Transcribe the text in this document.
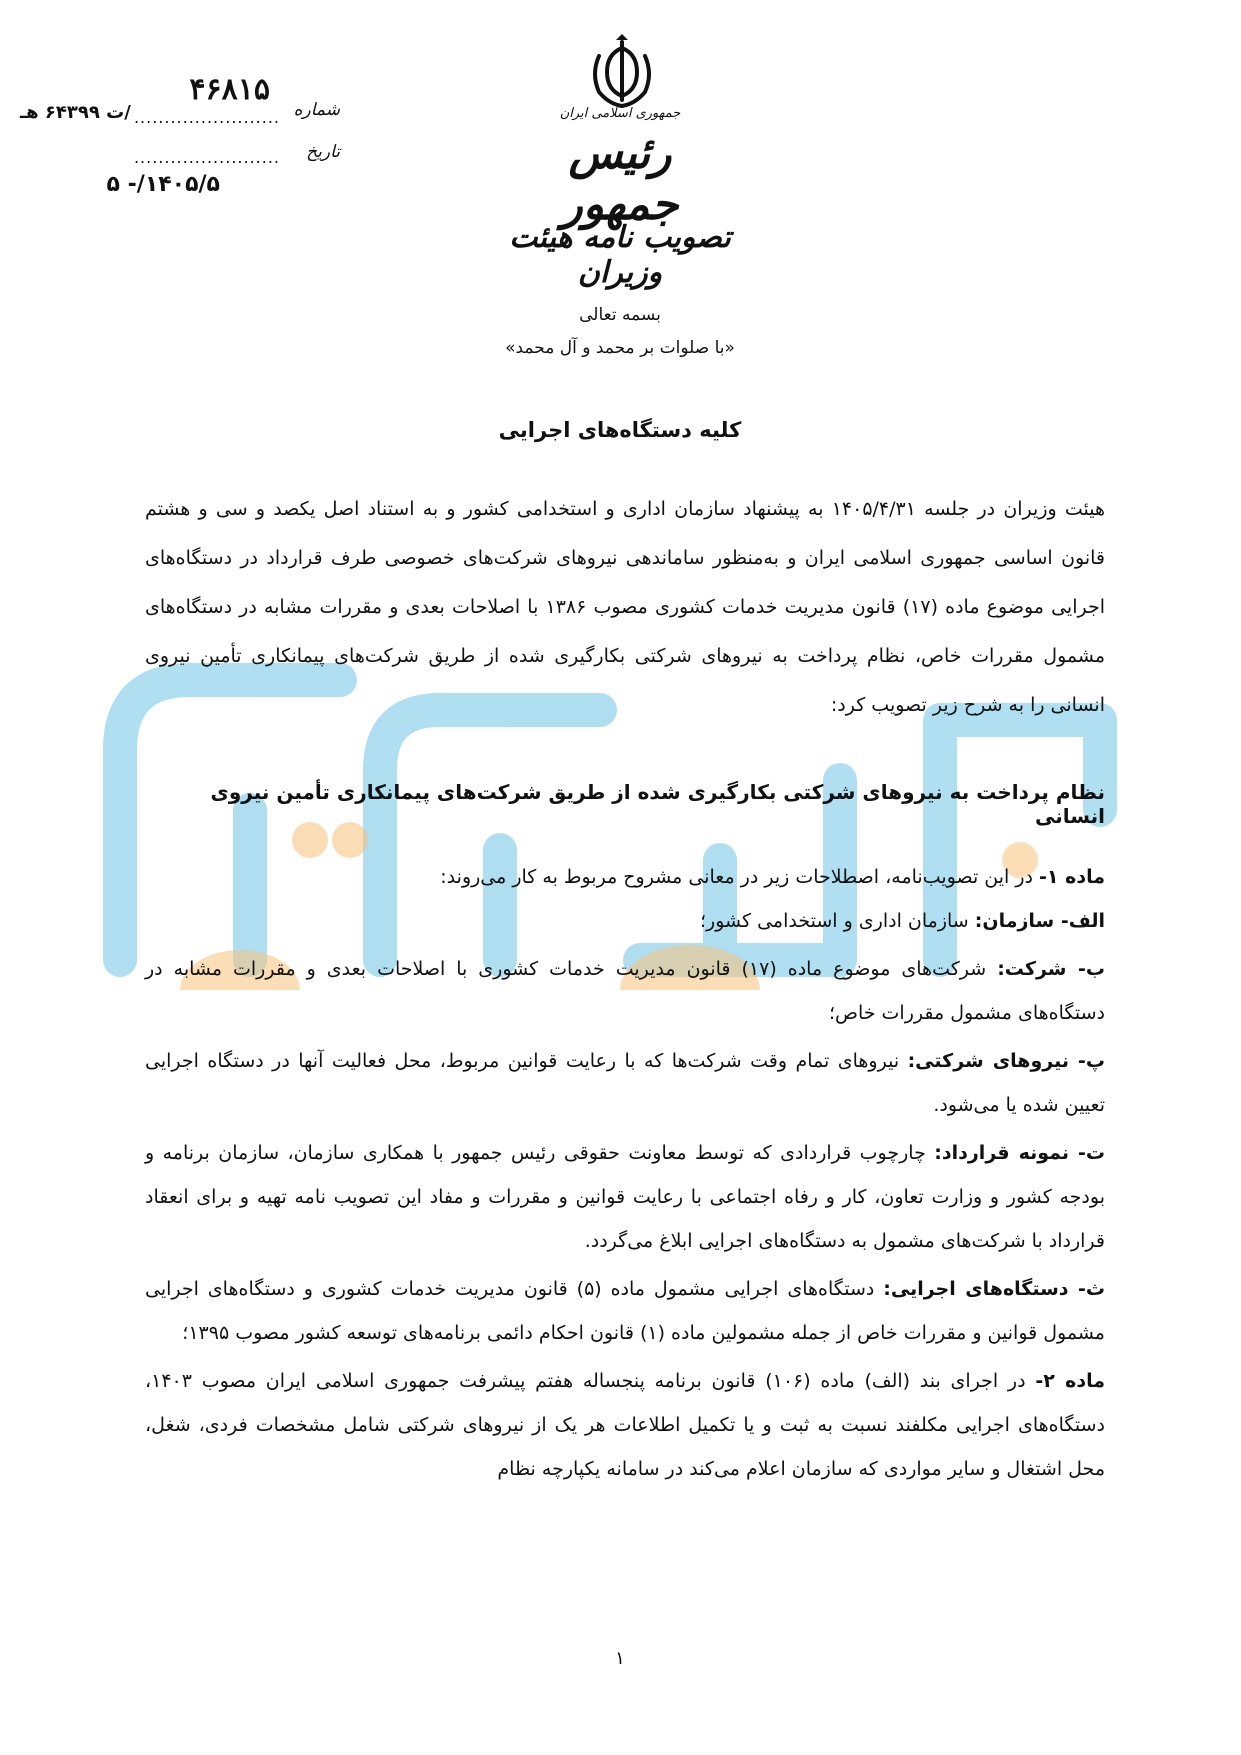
شماره
۴۶۸۱۵
........................
/ت ۶۴۳۹۹ هـ
تاریخ
........................
۱۴۰۵/۵/- ۵
جمهوری اسلامی ایران
رئیس جمهور
تصویب نامه هیئت وزیران
بسمه تعالی
«با صلوات بر محمد و آل محمد»
کلیه دستگاه‌های اجرایی

هیئت وزیران در جلسه ۱۴۰۵/۴/۳۱ به پیشنهاد سازمان اداری و استخدامی کشور و به استناد اصل یکصد و سی و هشتم قانون اساسی جمهوری اسلامی ایران و به‌منظور ساماندهی نیروهای شرکت‌های خصوصی طرف قرارداد در دستگاه‌های اجرایی موضوع ماده (۱۷) قانون مدیریت خدمات کشوری مصوب ۱۳۸۶ با اصلاحات بعدی و مقررات مشابه در دستگاه‌های مشمول مقررات خاص، نظام پرداخت به نیروهای شرکتی بکارگیری شده از طریق شرکت‌های پیمانکاری تأمین نیروی انسانی را به شرح زیر تصویب کرد:

نظام پرداخت به نیروهای شرکتی بکارگیری شده از طریق شرکت‌های پیمانکاری تأمین نیروی انسانی

ماده ۱- در این تصویب‌نامه، اصطلاحات زیر در معانی مشروح مربوط به کار می‌روند:

الف- سازمان: سازمان اداری و استخدامی کشور؛

ب- شرکت: شرکت‌های موضوع ماده (۱۷) قانون مدیریت خدمات کشوری با اصلاحات بعدی و مقررات مشابه در دستگاه‌های مشمول مقررات خاص؛

پ- نیروهای شرکتی: نیروهای تمام وقت شرکت‌ها که با رعایت قوانین مربوط، محل فعالیت آنها در دستگاه اجرایی تعیین شده یا می‌شود.

ت- نمونه قرارداد: چارچوب قراردادی که توسط معاونت حقوقی رئیس جمهور با همکاری سازمان، سازمان برنامه و بودجه کشور و وزارت تعاون، کار و رفاه اجتماعی با رعایت قوانین و مقررات و مفاد این تصویب نامه تهیه و برای انعقاد قرارداد با شرکت‌های مشمول به دستگاه‌های اجرایی ابلاغ می‌گردد.

ث- دستگاه‌های اجرایی: دستگاه‌های اجرایی مشمول ماده (۵) قانون مدیریت خدمات کشوری و دستگاه‌های اجرایی مشمول قوانین و مقررات خاص از جمله مشمولین ماده (۱) قانون احکام دائمی برنامه‌های توسعه کشور مصوب ۱۳۹۵؛

ماده ۲- در اجرای بند (الف) ماده (۱۰۶) قانون برنامه پنجساله هفتم پیشرفت جمهوری اسلامی ایران مصوب ۱۴۰۳، دستگاه‌های اجرایی مکلفند نسبت به ثبت و یا تکمیل اطلاعات هر یک از نیروهای شرکتی شامل مشخصات فردی، شغل، محل اشتغال و سایر مواردی که سازمان اعلام می‌کند در سامانه یکپارچه نظام

۱
